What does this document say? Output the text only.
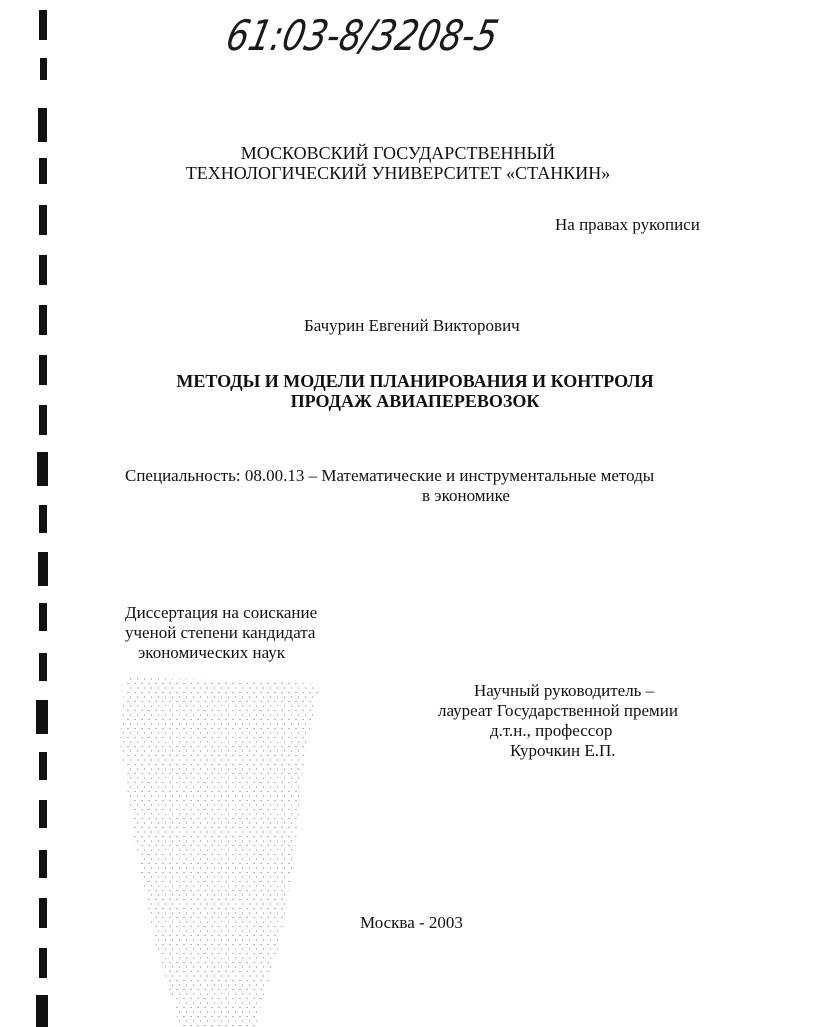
61:03-8/3208-5
МОСКОВСКИЙ ГОСУДАРСТВЕННЫЙ
ТЕХНОЛОГИЧЕСКИЙ УНИВЕРСИТЕТ «СТАНКИН»
На правах рукописи
Бачурин Евгений Викторович
МЕТОДЫ И МОДЕЛИ ПЛАНИРОВАНИЯ И КОНТРОЛЯ
ПРОДАЖ АВИАПЕРЕВОЗОК
Специальность: 08.00.13 – Математические и инструментальные методы
в экономике
Диссертация на соискание
ученой степени кандидата
экономических наук
Научный руководитель –
лауреат Государственной премии
д.т.н., профессор
Курочкин Е.П.
Москва - 2003
